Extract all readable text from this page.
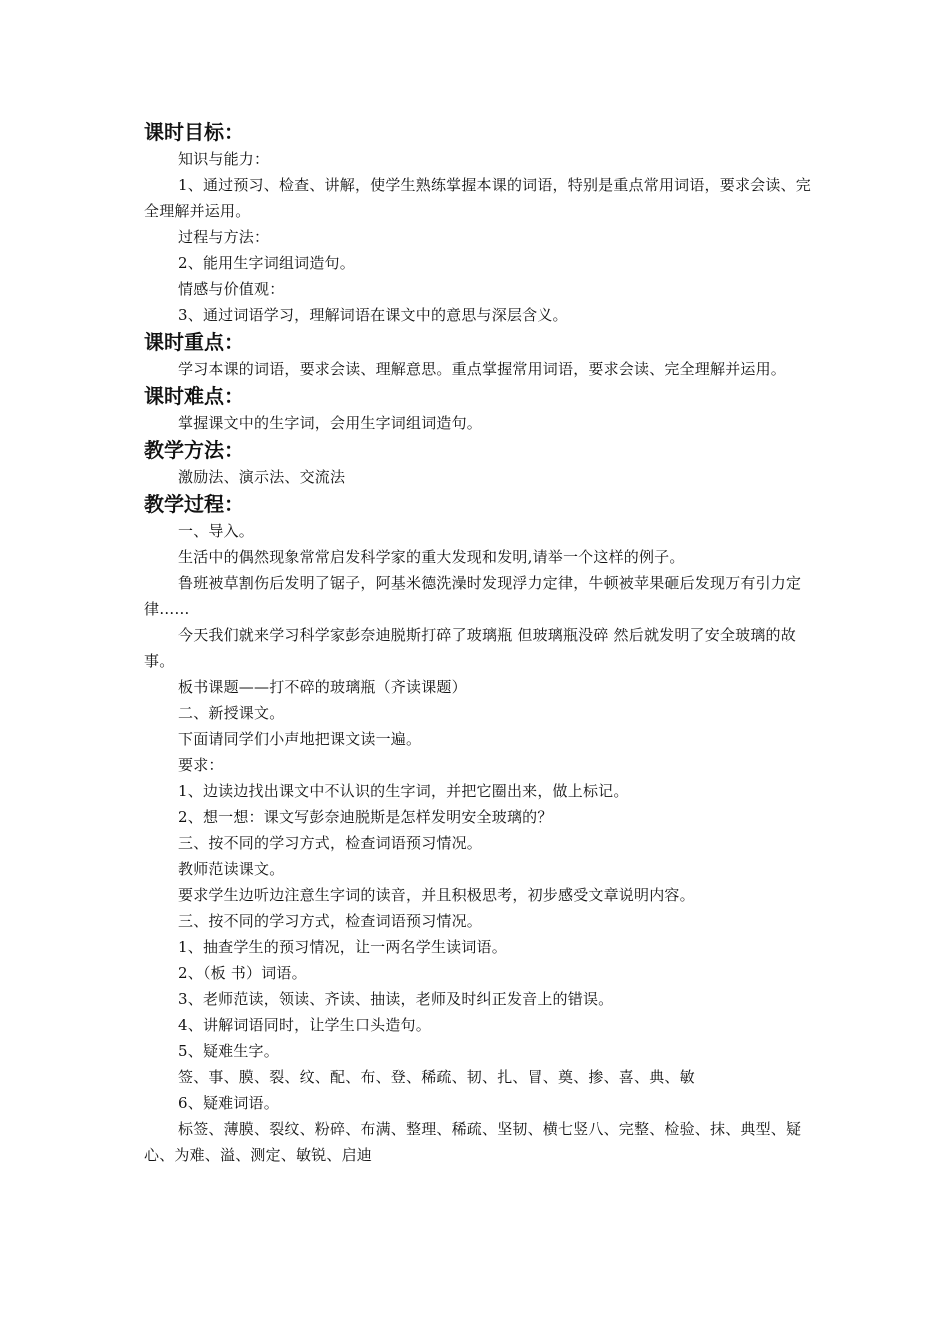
课时目标：

知识与能力：

1、通过预习、检查、讲解，使学生熟练掌握本课的词语，特别是重点常用词语，要求会读、完全理解并运用。

过程与方法：

2、能用生字词组词造句。

情感与价值观：

3、通过词语学习，理解词语在课文中的意思与深层含义。

课时重点：

学习本课的词语，要求会读、理解意思。重点掌握常用词语，要求会读、完全理解并运用。

课时难点：

掌握课文中的生字词，会用生字词组词造句。

教学方法：

激励法、演示法、交流法

教学过程：

一、导入。

生活中的偶然现象常常启发科学家的重大发现和发明,请举一个这样的例子。

鲁班被草割伤后发明了锯子，阿基米德洗澡时发现浮力定律，牛顿被苹果砸后发现万有引力定律……

今天我们就来学习科学家彭奈迪脱斯打碎了玻璃瓶 但玻璃瓶没碎 然后就发明了安全玻璃的故事。

板书课题——打不碎的玻璃瓶（齐读课题）

二、新授课文。

下面请同学们小声地把课文读一遍。

要求：

1、边读边找出课文中不认识的生字词，并把它圈出来，做上标记。

2、想一想：课文写彭奈迪脱斯是怎样发明安全玻璃的？

三、按不同的学习方式，检查词语预习情况。

教师范读课文。

要求学生边听边注意生字词的读音，并且积极思考，初步感受文章说明内容。

三、按不同的学习方式，检查词语预习情况。

1、抽查学生的预习情况，让一两名学生读词语。

2、（板 书）词语。

3、老师范读，领读、齐读、抽读，老师及时纠正发音上的错误。

4、讲解词语同时，让学生口头造句。

5、疑难生字。

签、事、膜、裂、纹、配、布、登、稀疏、韧、扎、冒、奠、掺、喜、典、敏

6、疑难词语。

标签、薄膜、裂纹、粉碎、布满、整理、稀疏、坚韧、横七竖八、完整、检验、抹、典型、疑心、为难、溢、测定、敏锐、启迪
